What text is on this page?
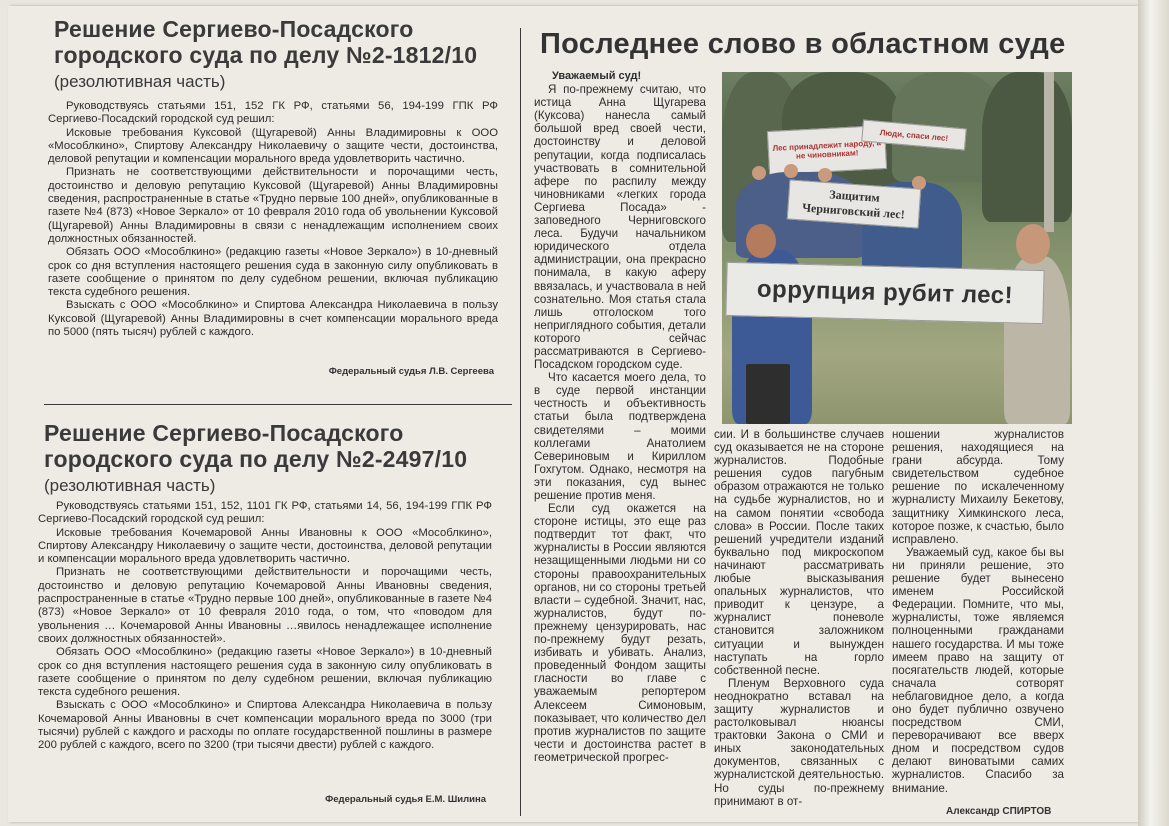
Решение Сергиево-Посадского
городского суда по делу №2-1812/10
(резолютивная часть)

Руководствуясь статьями 151, 152 ГК РФ, статьями 56, 194-199 ГПК РФ Сергиево-Посадский городской суд решил:

Исковые требования Куксовой (Щугаревой) Анны Владимировны к ООО «Мособлкино», Спиртову Александру Николаевичу о защите чести, достоинства, деловой репутации и компенсации морального вреда удовлетворить частично.

Признать не соответствующими действительности и порочащими честь, достоинство и деловую репутацию Куксовой (Щугаревой) Анны Владимировны сведения, распространенные в статье «Трудно первые 100 дней», опубликованные в газете №4 (873) «Новое Зеркало» от 10 февраля 2010 года об увольнении Куксовой (Щугаревой) Анны Владимировны в связи с ненадлежащим исполнением своих должностных обязанностей.

Обязать ООО «Мособлкино» (редакцию газеты «Новое Зеркало») в 10-дневный срок со дня вступления настоящего решения суда в законную силу опубликовать в газете сообщение о принятом по делу судебном решении, включая публикацию текста судебного решения.

Взыскать с ООО «Мособлкино» и Спиртова Александра Николаевича в пользу Куксовой (Щугаревой) Анны Владимировны в счет компенсации морального вреда по 5000 (пять тысяч) рублей с каждого.

Федеральный судья Л.В. Сергеева
Решение Сергиево-Посадского
городского суда по делу №2-2497/10
(резолютивная часть)

Руководствуясь статьями 151, 152, 1101 ГК РФ, статьями 14, 56, 194-199 ГПК РФ Сергиево-Посадский городской суд решил:

Исковые требования Кочемаровой Анны Ивановны к ООО «Мособлкино», Спиртову Александру Николаевичу о защите чести, достоинства, деловой репутации и компенсации морального вреда удовлетворить частично.

Признать не соответствующими действительности и порочащими честь, достоинство и деловую репутацию Кочемаровой Анны Ивановны сведения, распространенные в статье «Трудно первые 100 дней», опубликованные в газете №4 (873) «Новое Зеркало» от 10 февраля 2010 года, о том, что «поводом для увольнения … Кочемаровой Анны Ивановны …явилось ненадлежащее исполнение своих должностных обязанностей».

Обязать ООО «Мособлкино» (редакцию газеты «Новое Зеркало») в 10-дневный срок со дня вступления настоящего решения суда в законную силу опубликовать в газете сообщение о принятом по делу судебном решении, включая публикацию текста судебного решения.

Взыскать с ООО «Мособлкино» и Спиртова Александра Николаевича в пользу Кочемаровой Анны Ивановны в счет компенсации морального вреда по 3000 (три тысячи) рублей с каждого и расходы по оплате государственной пошлины в размере 200 рублей с каждого, всего по 3200 (три тысячи двести) рублей с каждого.

Федеральный судья Е.М. Шилина
Последнее слово в областном суде

Уважаемый суд!

Я по-прежнему считаю, что истица Анна Щугарева (Куксова) нанесла самый большой вред своей чести, достоинству и деловой репутации, когда подписалась участвовать в сомнительной афере по распилу между чиновниками «легких города Сергиева Посада» - заповедного Черниговского леса. Будучи начальником юридического отдела администрации, она прекрасно понимала, в какую аферу ввязалась, и участвовала в ней сознательно. Моя статья стала лишь отголоском того неприглядного события, детали которого сейчас рассматриваются в Сергиево-Посадском городском суде.

Что касается моего дела, то в суде первой инстанции честность и объективность статьи была подтверждена свидетелями – моими коллегами Анатолием Севериновым и Кириллом Гохгутом. Однако, несмотря на эти показания, суд вынес решение против меня.

Если суд окажется на стороне истицы, это еще раз подтвердит тот факт, что журналисты в России являются незащищенными людьми ни со стороны правоохранительных органов, ни со стороны третьей власти – судебной. Значит, нас, журналистов, будут по-прежнему цензурировать, нас по-прежнему будут резать, избивать и убивать. Анализ, проведенный Фондом защиты гласности во главе с уважаемым репортером Алексеем Симоновым, показывает, что количество дел против журналистов по защите чести и достоинства растет в геометрической прогрес-

сии. И в большинстве случаев суд оказывается не на стороне журналистов. Подобные решения судов пагубным образом отражаются не только на судьбе журналистов, но и на самом понятии «свобода слова» в России. После таких решений учредители изданий буквально под микроскопом начинают рассматривать любые высказывания опальных журналистов, что приводит к цензуре, а журналист поневоле становится заложником ситуации и вынужден наступать на горло собственной песне.

Пленум Верховного суда неоднократно вставал на защиту журналистов и растолковывал нюансы трактовки Закона о СМИ и иных законодательных документов, связанных с журналистской деятельностью. Но суды по-прежнему принимают в от-

ношении журналистов решения, находящиеся на грани абсурда. Тому свидетельством судебное решение по искалеченному журналисту Михаилу Бекетову, защитнику Химкинского леса, которое позже, к счастью, было исправлено.

Уважаемый суд, какое бы вы ни приняли решение, это решение будет вынесено именем Российской Федерации. Помните, что мы, журналисты, тоже являемся полноценными гражданами нашего государства. И мы тоже имеем право на защиту от посягательств людей, которые сначала сотворят неблаговидное дело, а когда оно будет публично озвучено посредством СМИ, переворачивают все вверх дном и посредством судов делают виноватыми самих журналистов. Спасибо за внимание.

Александр СПИРТОВ
Лес принадлежит народу, а не чиновникам!
Люди, спаси лес!
Защитим Черниговский лес!
оррупция рубит лес!
